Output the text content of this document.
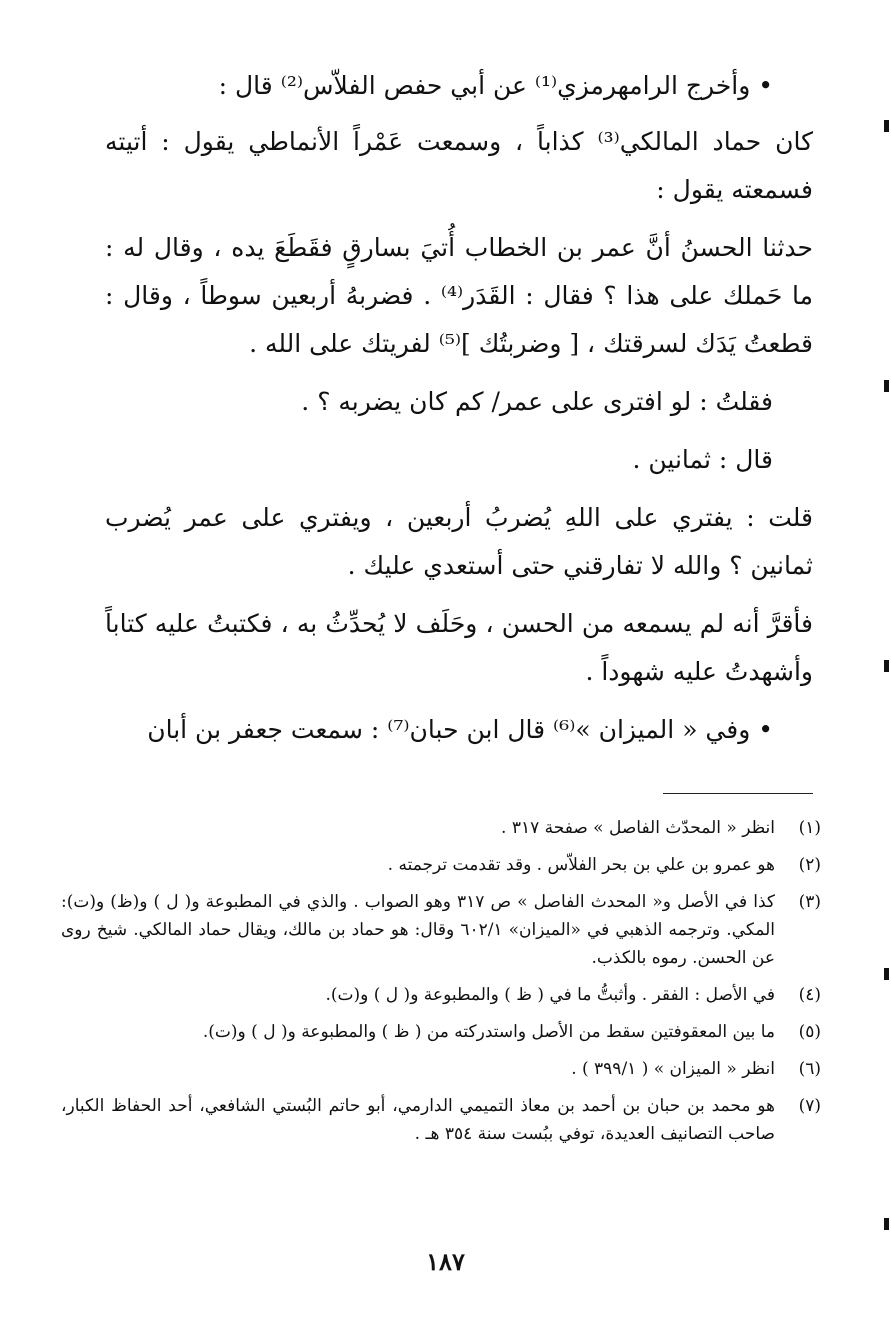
• وأخرج الرامهرمزي⁽¹⁾ عن أبي حفص الفلاّس⁽²⁾ قال :

كان حماد المالكي⁽³⁾ كذاباً ، وسمعت عَمْراً الأنماطي يقول : أتيته فسمعته يقول :

حدثنا الحسنُ أنَّ عمر بن الخطاب أُتيَ بسارقٍ فقَطَعَ يده ، وقال له : ما حَملك على هذا ؟ فقال : القَدَر⁽⁴⁾ . فضربهُ أربعين سوطاً ، وقال : قطعتُ يَدَك لسرقتك ، [ وضربتُك ]⁽⁵⁾ لفريتك على الله .

فقلتُ : لو افترى على عمر/ كم كان يضربه ؟ .

قال : ثمانين .

قلت : يفتري على اللهِ يُضربُ أربعين ، ويفتري على عمر يُضرب ثمانين ؟ والله لا تفارقني حتى أستعدي عليك .

فأقرَّ أنه لم يسمعه من الحسن ، وحَلَف لا يُحدِّثُ به ، فكتبتُ عليه كتاباً وأشهدتُ عليه شهوداً .

• وفي « الميزان »⁽⁶⁾ قال ابن حبان⁽⁷⁾ : سمعت جعفر بن أبان

(١)
انظر « المحدّث الفاصل » صفحة ٣١٧ .
(٢)
هو عمرو بن علي بن بحر الفلاّس . وقد تقدمت ترجمته .
(٣)
كذا في الأصل و« المحدث الفاصل » ص ٣١٧ وهو الصواب . والذي في المطبوعة و( ل ) و(ظ) و(ت): المكي. وترجمه الذهبي في «الميزان» ٦٠٢/١ وقال: هو حماد بن مالك، ويقال حماد المالكي. شيخ روى عن الحسن. رموه بالكذب.
(٤)
في الأصل : الفقر . وأثبتُّ ما في ( ظ ) والمطبوعة و( ل ) و(ت).
(٥)
ما بين المعقوفتين سقط من الأصل واستدركته من ( ظ ) والمطبوعة و( ل ) و(ت).
(٦)
انظر « الميزان » ( ٣٩٩/١ ) .
(٧)
هو محمد بن حبان بن أحمد بن معاذ التميمي الدارمي، أبو حاتم البُستي الشافعي، أحد الحفاظ الكبار، صاحب التصانيف العديدة، توفي ببُست سنة ٣٥٤ هـ .
١٨٧
